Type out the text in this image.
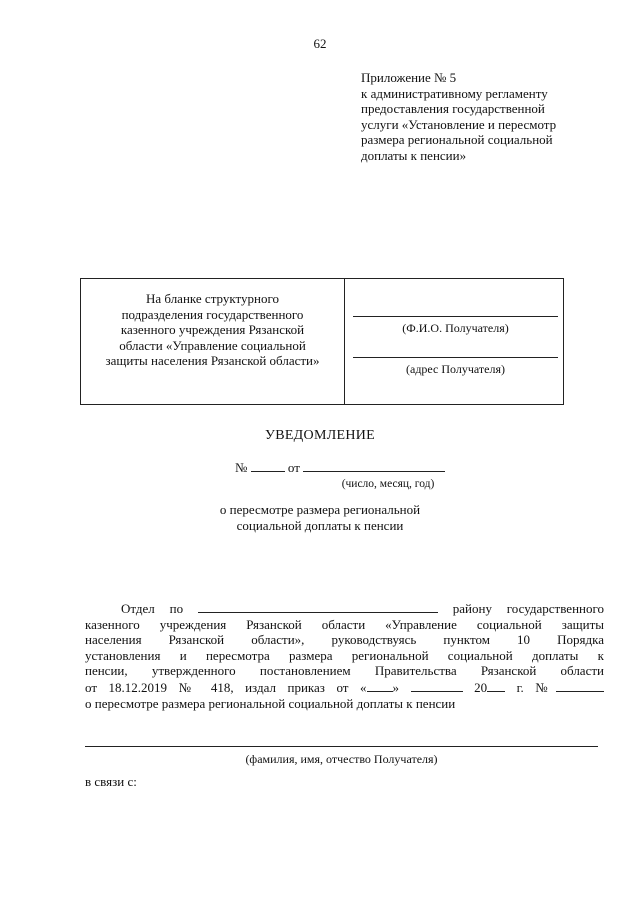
62
Приложение № 5
к административному регламенту
предоставления государственной
услуги «Установление и пересмотр
размера региональной социальной
доплаты к пенсии»
На бланке структурного
подразделения государственного
казенного учреждения Рязанской
области «Управление социальной
защиты населения Рязанской области»
(Ф.И.О. Получателя)
(адрес Получателя)
УВЕДОМЛЕНИЕ
№	от
(число, месяц, год)
о пересмотре размера региональной
социальной доплаты к пенсии
Отдел по	району государственного
казенного учреждения Рязанской области «Управление социальной защиты
населения Рязанской области», руководствуясь пунктом 10 Порядка
установления и пересмотра размера региональной социальной доплаты к
пенсии, утвержденного постановлением Правительства Рязанской области
от 18.12.2019 № 418, издал приказ от « »	20 г. №
о пересмотре размера региональной социальной доплаты к пенсии
(фамилия, имя, отчество Получателя)
в связи с:
